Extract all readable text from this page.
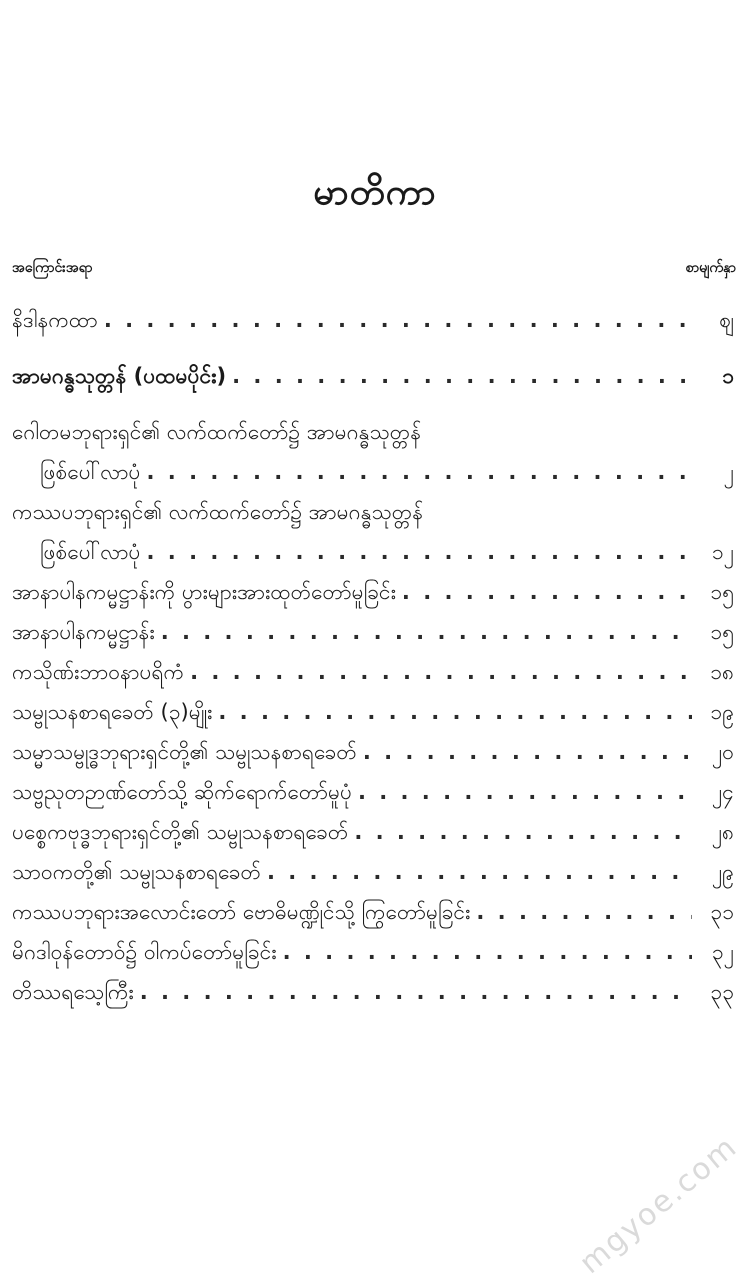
မာတိကာ
အကြောင်းအရာ	စာမျက်နှာ
နိဒါနကထာ . . .	ဈ
အာမဂန္ဓသုတ္တန် (ပထမပိုင်း) . . .	၁
ဂေါတမဘုရားရှင်၏ လက်ထက်တော်၌ အာမဂန္ဓသုတ္တန်
ဖြစ်ပေါ်လာပုံ . . .	၂
ကဿပဘုရားရှင်၏ လက်ထက်တော်၌ အာမဂန္ဓသုတ္တန်
ဖြစ်ပေါ်လာပုံ . . .	၁၂
အာနာပါနကမ္မဋ္ဌာန်းကို ပွားများအားထုတ်တော်မူခြင်း . . .	၁၅
အာနာပါနကမ္မဋ္ဌာန်း . . .	၁၅
ကသိုဏ်းဘာဝနာပရိကံ . . .	၁၈
သမ္ဗုသနစာရခေတ် (၃)မျိုး . . .	၁၉
သမ္မာသမ္ဗုဒ္ဓဘုရားရှင်တို့၏ သမ္ဗုသနစာရခေတ် . . .	၂၀
သဗ္ဗညုတဉာဏ်တော်သို့ ဆိုက်ရောက်တော်မူပုံ . . .	၂၄
ပစ္စေကဗုဒ္ဓဘုရားရှင်တို့၏ သမ္ဗုသနစာရခေတ် . . .	၂၈
သာဝကတို့၏ သမ္ဗုသနစာရခေတ် . . .	၂၉
ကဿပဘုရားအလောင်းတော် ဗောဓိမဏ္ဍိုင်သို့ ကြွတော်မူခြင်း . . .	၃၁
မိဂဒါဝုန်တောဝ်၌ ဝါကပ်တော်မူခြင်း . . .	၃၂
တိဿရသေ့ကြီး . . .	၃၃
mgyoe.com
